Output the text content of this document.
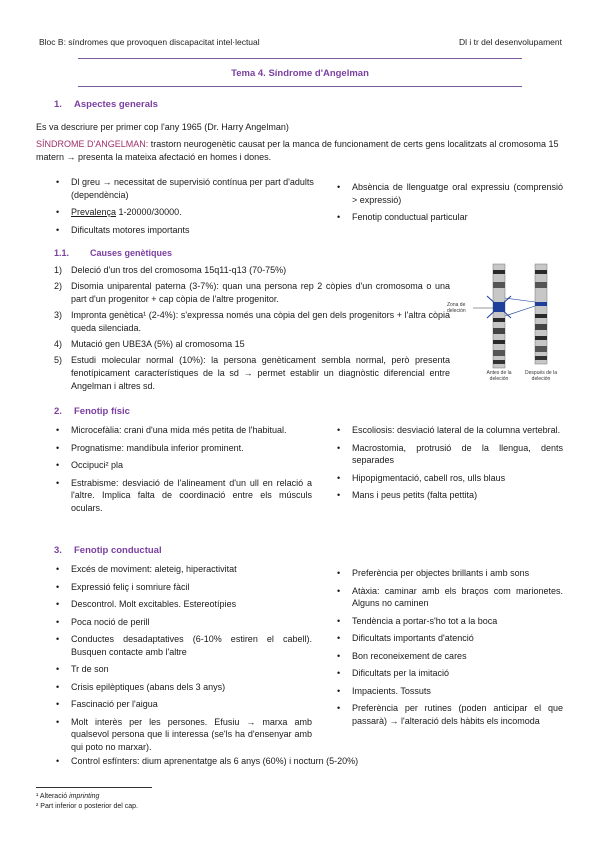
Bloc B: síndromes que provoquen discapacitat intel·lectual	Dl i tr del desenvolupament
Tema 4. Síndrome d'Angelman
1. Aspectes generals
Es va descriure per primer cop l'any 1965 (Dr. Harry Angelman)
SÍNDROME D'ANGELMAN: trastorn neurogenètic causat per la manca de funcionament de certs gens localitzats al cromosoma 15 matern → presenta la mateixa afectació en homes i dones.
• Dl greu → necessitat de supervisió contínua per part d'adults (dependència)
• Prevalença 1-20000/30000.
• Dificultats motores importants
• Absència de llenguatge oral expressiu (comprensió > expressió)
• Fenotip conductual particular
1.1. Causes genètiques
1) Deleció d'un tros del cromosoma 15q11-q13 (70-75%)
2) Disomia uniparental paterna (3-7%): quan una persona rep 2 còpies d'un cromosoma o una part d'un progenitor + cap còpia de l'altre progenitor.
3) Impronta genètica¹ (2-4%): s'expressa només una còpia del gen dels progenitors + l'altra còpia queda silenciada.
4) Mutació gen UBE3A (5%) al cromosoma 15
5) Estudi molecular normal (10%): la persona genèticament sembla normal, però presenta fenotípicament característiques de la sd → permet establir un diagnòstic diferencial entre Angelman i altres sd.
Zona de deleción
Antes de la deleción
Después de la deleción
2. Fenotip físic
• Microcefàlia: crani d'una mida més petita de l'habitual.
• Prognatisme: mandíbula inferior prominent.
• Occipuci² pla
• Estrabisme: desviació de l'alineament d'un ull en relació a l'altre. Implica falta de coordinació entre els músculs oculars.
• Escoliosis: desviació lateral de la columna vertebral.
• Macrostomia, protrusió de la llengua, dents separades
• Hipopigmentació, cabell ros, ulls blaus
• Mans i peus petits (falta pettita)
3. Fenotip conductual
• Excés de moviment: aleteig, hiperactivitat
• Expressió feliç i somriure fàcil
• Descontrol. Molt excitables. Estereotípies
• Poca noció de perill
• Conductes desadaptatives (6-10% estiren el cabell). Busquen contacte amb l'altre
• Tr de son
• Crisis epilèptiques (abans dels 3 anys)
• Fascinació per l'aigua
• Molt interès per les persones. Efusiu → marxa amb qualsevol persona que li interessa (se'ls ha d'ensenyar amb qui poto no marxar).
• Preferència per objectes brillants i amb sons
• Atàxia: caminar amb els braços com marionetes. Alguns no caminen
• Tendència a portar-s'ho tot a la boca
• Dificultats importants d'atenció
• Bon reconeixement de cares
• Dificultats per la imitació
• Impacients. Tossuts
• Preferència per rutines (poden anticipar el que passarà) → l'alteració dels hàbits els incomoda
• Control esfínters: dium aprenentatge als 6 anys (60%) i nocturn (5-20%)
¹ Alteració imprinting
² Part inferior o posterior del cap.
